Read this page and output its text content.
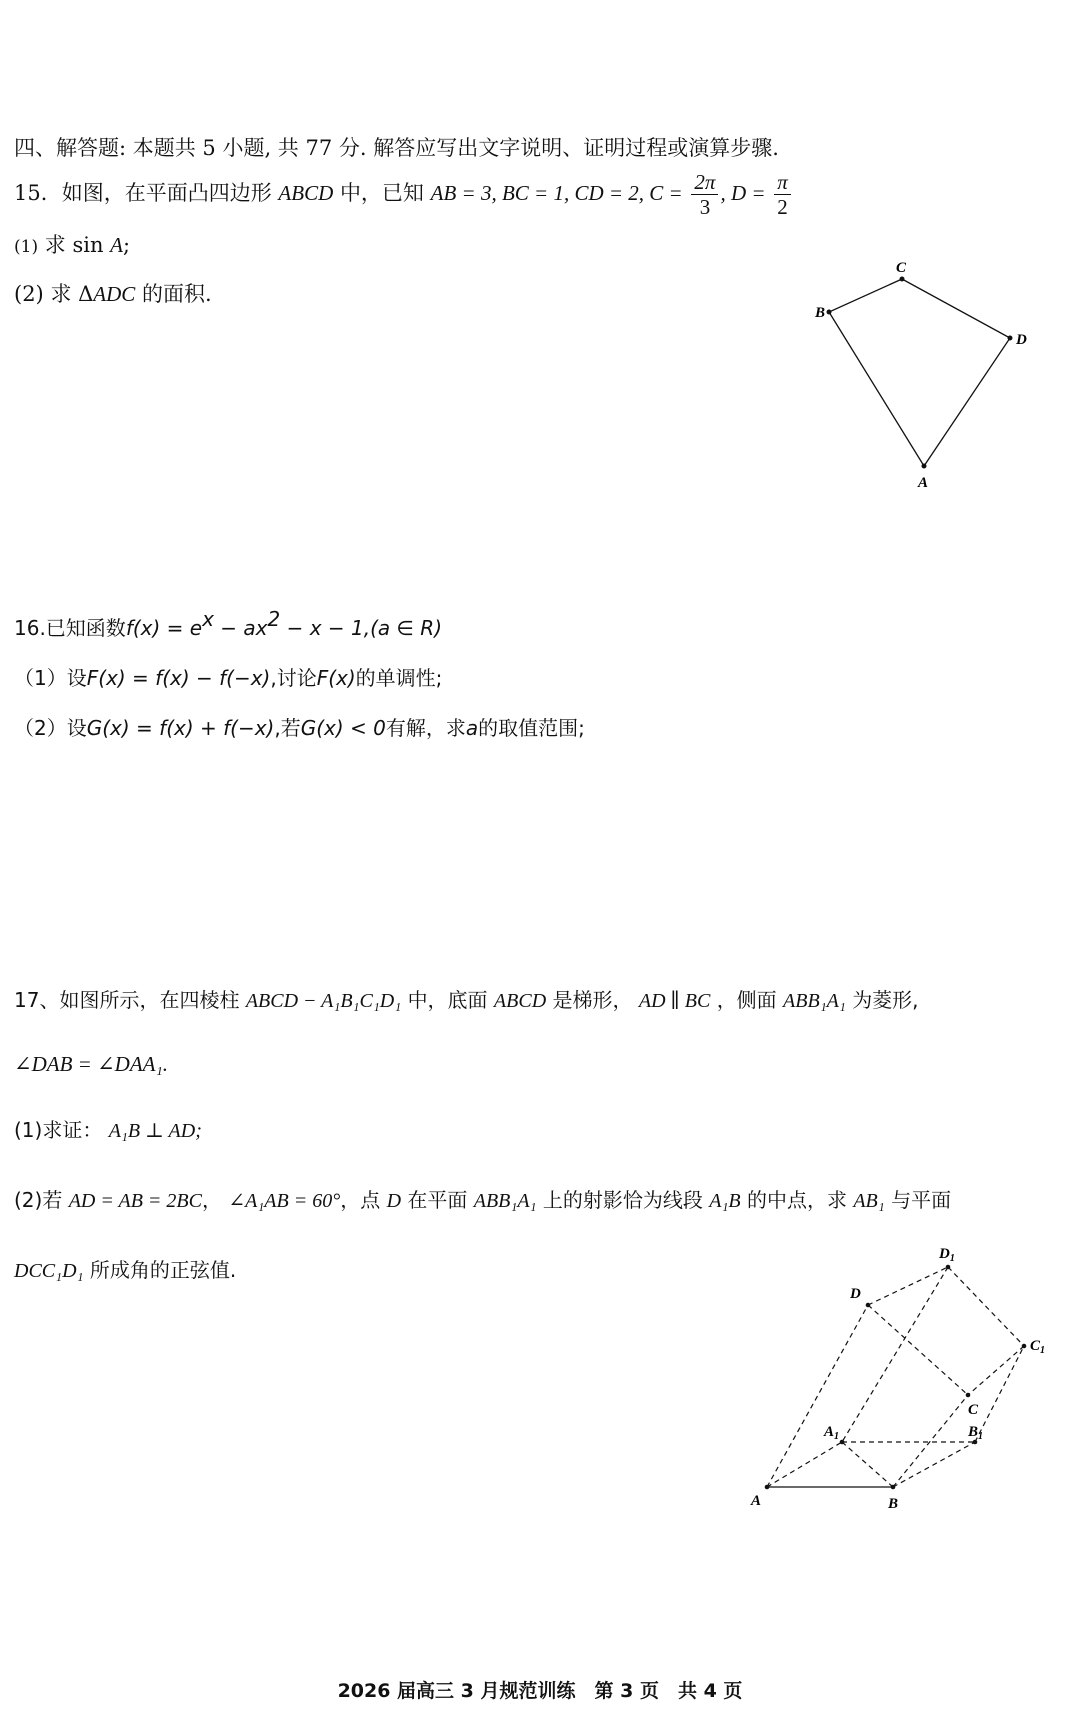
四、解答题: 本题共 5 小题, 共 77 分. 解答应写出文字说明、证明过程或演算步骤.
15．如图，在平面凸四边形 ABCD 中，已知 AB = 3, BC = 1, CD = 2, $C = \frac{2\pi}{3}$ , $D = \frac{\pi}{2}$
(1) 求 sin A;
(2) 求 ΔADC 的面积.
C
B
D
A
16.已知函数$f(x) = e^x - ax^2 - x - 1,(a$ ∈ R)
（1）设F(x) = f(x) − f(−x),讨论F(x)的单调性;
（2）设G(x) = f(x) + f(−x),若G(x) < 0有解，求a的取值范围;
17、如图所示，在四棱柱 ABCD − A₁B₁C₁D₁ 中，底面 ABCD 是梯形， AD ∥ BC ，侧面 ABB₁A₁ 为菱形,
∠DAB = ∠DAA₁.
(1)求证： A₁B ⊥ AD;
(2)若 AD = AB = 2BC， ∠A₁AB = 60°，点 D 在平面 ABB₁A₁ 上的射影恰为线段 A₁B 的中点，求 AB₁ 与平面
DCC₁D₁ 所成角的正弦值.
A	B
D
C
$D_1$
$C_1$
$A_1$	$B_1$
2026 届高三 3 月规范训练　第 3 页　共 4 页
